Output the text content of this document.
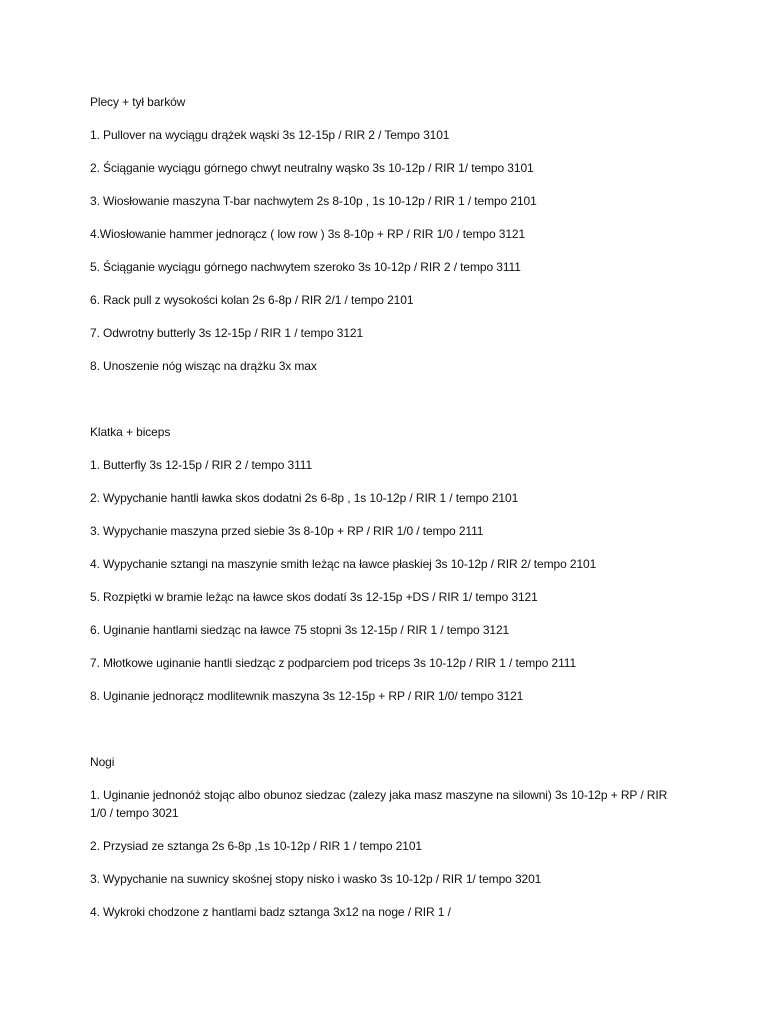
Plecy + tył barków

1. Pullover na wyciągu drążek wąski 3s 12-15p / RIR 2 / Tempo 3101

2. Ściąganie wyciągu górnego chwyt neutralny wąsko 3s 10-12p / RIR 1/ tempo 3101

3. Wiosłowanie maszyna T-bar nachwytem 2s 8-10p , 1s 10-12p / RIR 1 / tempo 2101

4.Wiosłowanie hammer jednorącz ( low row ) 3s 8-10p + RP / RIR 1/0 / tempo 3121

5. Ściąganie wyciągu górnego nachwytem szeroko 3s 10-12p / RIR 2 / tempo 3111

6. Rack pull z wysokości kolan 2s 6-8p / RIR 2/1 / tempo 2101

7. Odwrotny butterly 3s 12-15p / RIR 1 / tempo 3121

8. Unoszenie nóg wisząc na drążku 3x max

Klatka + biceps

1. Butterfly 3s 12-15p / RIR 2 / tempo 3111

2. Wypychanie hantli ławka skos dodatni 2s 6-8p , 1s 10-12p / RIR 1 / tempo 2101

3. Wypychanie maszyna przed siebie 3s 8-10p + RP / RIR 1/0 / tempo 2111

4. Wypychanie sztangi na maszynie smith leżąc na ławce płaskiej 3s 10-12p / RIR 2/ tempo 2101

5. Rozpiętki w bramie leżąc na ławce skos dodatí 3s 12-15p +DS / RIR 1/ tempo 3121

6. Uginanie hantlami siedząc na ławce 75 stopni 3s 12-15p / RIR 1 / tempo 3121

7. Młotkowe uginanie hantli siedząc z podparciem pod triceps 3s 10-12p / RIR 1 / tempo 2111

8. Uginanie jednorącz modlitewnik maszyna 3s 12-15p + RP / RIR 1/0/ tempo 3121

Nogi

1. Uginanie jednonóż stojąc albo obunoz siedzac (zalezy jaka masz maszyne na silowni) 3s 10-12p + RP / RIR 1/0 / tempo 3021

2. Przysiad ze sztanga 2s 6-8p ,1s 10-12p / RIR 1 / tempo 2101

3. Wypychanie na suwnicy skośnej stopy nisko i wasko 3s 10-12p / RIR 1/ tempo 3201

4. Wykroki chodzone z hantlami badz sztanga 3x12 na noge / RIR 1 /
